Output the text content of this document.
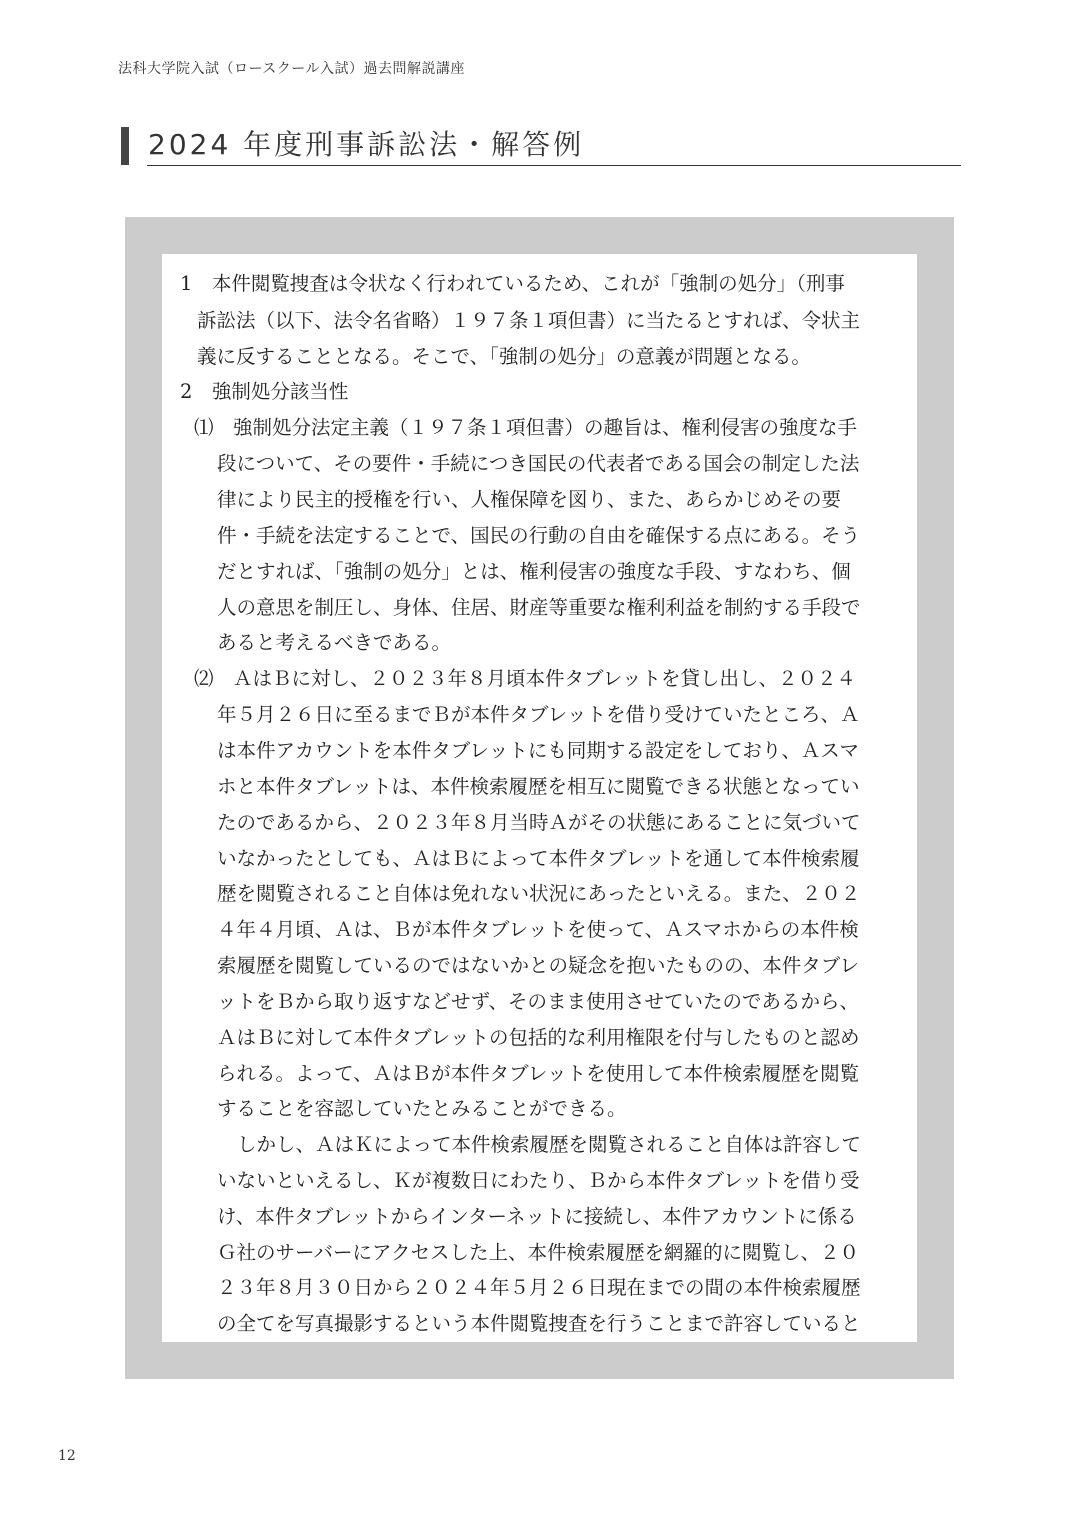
法科大学院入試（ロースクール入試）過去問解説講座
2024 年度刑事訴訟法・解答例
1　本件閲覧捜査は令状なく行われているため、これが「強制の処分」（刑事
訴訟法（以下、法令名省略）１９７条１項但書）に当たるとすれば、令状主
義に反することとなる。そこで、「強制の処分」の意義が問題となる。
2　強制処分該当性
⑴　強制処分法定主義（１９７条１項但書）の趣旨は、権利侵害の強度な手
段について、その要件・手続につき国民の代表者である国会の制定した法
律により民主的授権を行い、人権保障を図り、また、あらかじめその要
件・手続を法定することで、国民の行動の自由を確保する点にある。そう
だとすれば、「強制の処分」とは、権利侵害の強度な手段、すなわち、個
人の意思を制圧し、身体、住居、財産等重要な権利利益を制約する手段で
あると考えるべきである。
⑵　ＡはＢに対し、２０２３年８月頃本件タブレットを貸し出し、２０２４
年５月２６日に至るまでＢが本件タブレットを借り受けていたところ、Ａ
は本件アカウントを本件タブレットにも同期する設定をしており、Ａスマ
ホと本件タブレットは、本件検索履歴を相互に閲覧できる状態となってい
たのであるから、２０２３年８月当時Ａがその状態にあることに気づいて
いなかったとしても、ＡはＢによって本件タブレットを通して本件検索履
歴を閲覧されること自体は免れない状況にあったといえる。また、２０２
４年４月頃、Ａは、Ｂが本件タブレットを使って、Ａスマホからの本件検
索履歴を閲覧しているのではないかとの疑念を抱いたものの、本件タブレ
ットをＢから取り返すなどせず、そのまま使用させていたのであるから、
ＡはＢに対して本件タブレットの包括的な利用権限を付与したものと認め
られる。よって、ＡはＢが本件タブレットを使用して本件検索履歴を閲覧
することを容認していたとみることができる。
しかし、ＡはＫによって本件検索履歴を閲覧されること自体は許容して
いないといえるし、Ｋが複数日にわたり、Ｂから本件タブレットを借り受
け、本件タブレットからインターネットに接続し、本件アカウントに係る
Ｇ社のサーバーにアクセスした上、本件検索履歴を網羅的に閲覧し、２０
２３年８月３０日から２０２４年５月２６日現在までの間の本件検索履歴
の全てを写真撮影するという本件閲覧捜査を行うことまで許容していると
12
